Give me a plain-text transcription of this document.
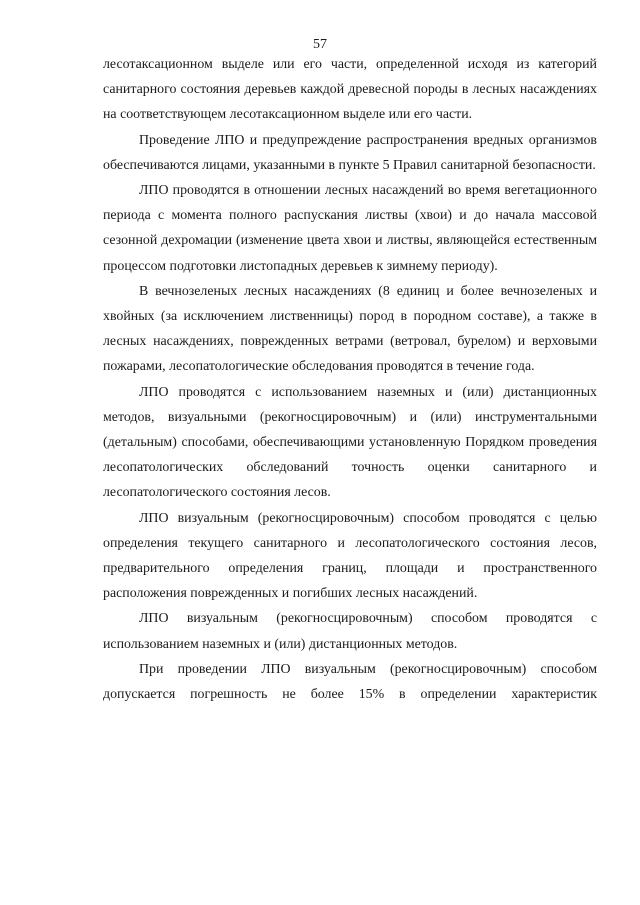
57

лесотаксационном выделе или его части, определенной исходя из категорий санитарного состояния деревьев каждой древесной породы в лесных насаждениях на соответствующем лесотаксационном выделе или его части.

Проведение ЛПО и предупреждение распространения вредных организмов обеспечиваются лицами, указанными в пункте 5 Правил санитарной безопасности.

ЛПО проводятся в отношении лесных насаждений во время вегетационного периода с момента полного распускания листвы (хвои) и до начала массовой сезонной дехромации (изменение цвета хвои и листвы, являющейся естественным процессом подготовки листопадных деревьев к зимнему периоду).

В вечнозеленых лесных насаждениях (8 единиц и более вечнозеленых и хвойных (за исключением лиственницы) пород в породном составе), а также в лесных насаждениях, поврежденных ветрами (ветровал, бурелом) и верховыми пожарами, лесопатологические обследования проводятся в течение года.

ЛПО проводятся с использованием наземных и (или) дистанционных методов, визуальными (рекогносцировочным) и (или) инструментальными (детальным) способами, обеспечивающими установленную Порядком проведения лесопатологических обследований точность оценки санитарного и лесопатологического состояния лесов.

ЛПО визуальным (рекогносцировочным) способом проводятся с целью определения текущего санитарного и лесопатологического состояния лесов, предварительного определения границ, площади и пространственного расположения поврежденных и погибших лесных насаждений.

ЛПО визуальным (рекогносцировочным) способом проводятся с использованием наземных и (или) дистанционных методов.

При проведении ЛПО визуальным (рекогносцировочным) способом допускается погрешность не более 15% в определении характеристик
